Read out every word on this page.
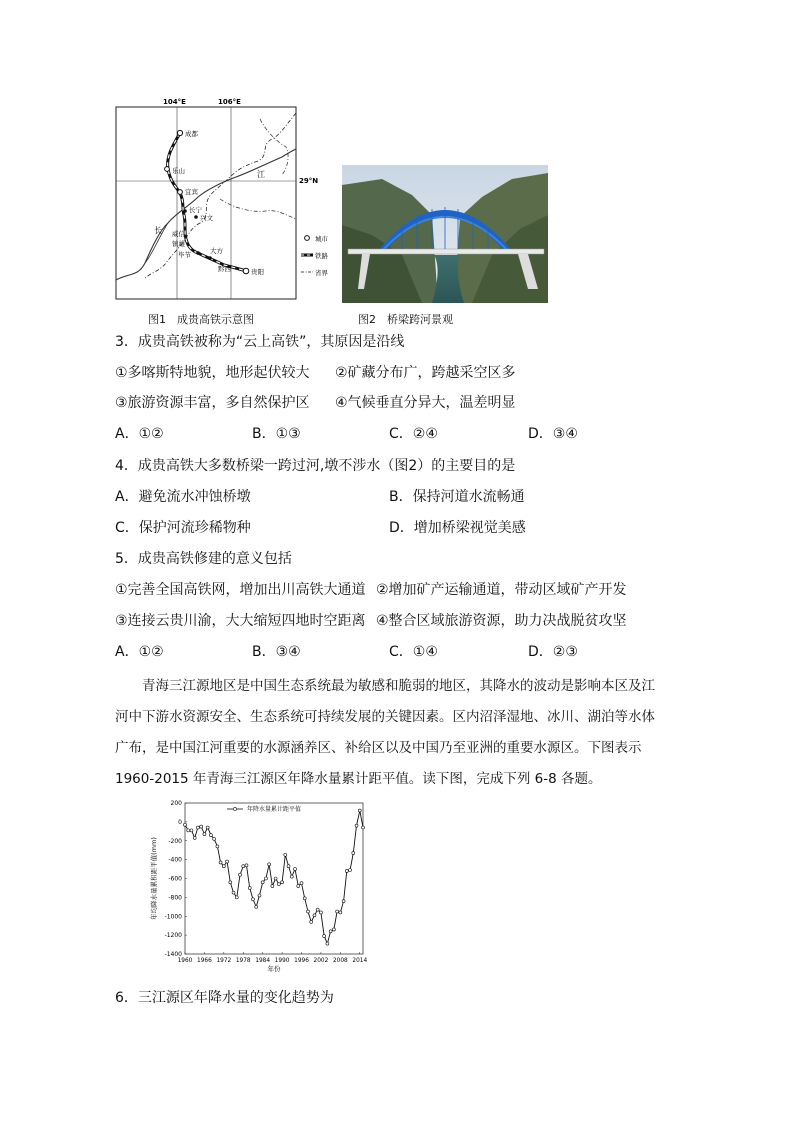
104°E	106°E
29°N
长
江
成都
乐山
宜宾
长宁
兴文
威信
镇雄
毕节	大方
黔西	贵阳
城市
铁路
省界
图1　成贵高铁示意图	图2　桥梁跨河景观
3．成贵高铁被称为“云上高铁”，其原因是沿线
①多喀斯特地貌，地形起伏较大 ②矿藏分布广，跨越采空区多
③旅游资源丰富，多自然保护区 ④气候垂直分异大，温差明显
A．①②	B．①③	C．②④	D．③④
4．成贵高铁大多数桥梁一跨过河,墩不涉水（图2）的主要目的是
A．避免流水冲蚀桥墩	B．保持河道水流畅通
C．保护河流珍稀物种	D．增加桥梁视觉美感
5．成贵高铁修建的意义包括
①完善全国高铁网，增加出川高铁大通道 ②增加矿产运输通道，带动区域矿产开发
③连接云贵川渝，大大缩短四地时空距离 ④整合区域旅游资源，助力决战脱贫攻坚
A．①②	B．③④	C．①④	D．②③
青海三江源地区是中国生态系统最为敏感和脆弱的地区，其降水的波动是影响本区及江
河中下游水资源安全、生态系统可持续发展的关键因素。区内沼泽湿地、冰川、湖泊等水体
广布，是中国江河重要的水源涵养区、补给区以及中国乃至亚洲的重要水源区。下图表示
1960-2015 年青海三江源区年降水量累计距平值。读下图，完成下列 6-8 各题。
200
0
-200
-400
-600
-800
-1000
-1200
-1400
1960 1966 1972 1978 1984 1990 1996 2002 2008 2014
年降水量累计距平值
年均降水量累积距平值(mm)
年份
6．三江源区年降水量的变化趋势为
